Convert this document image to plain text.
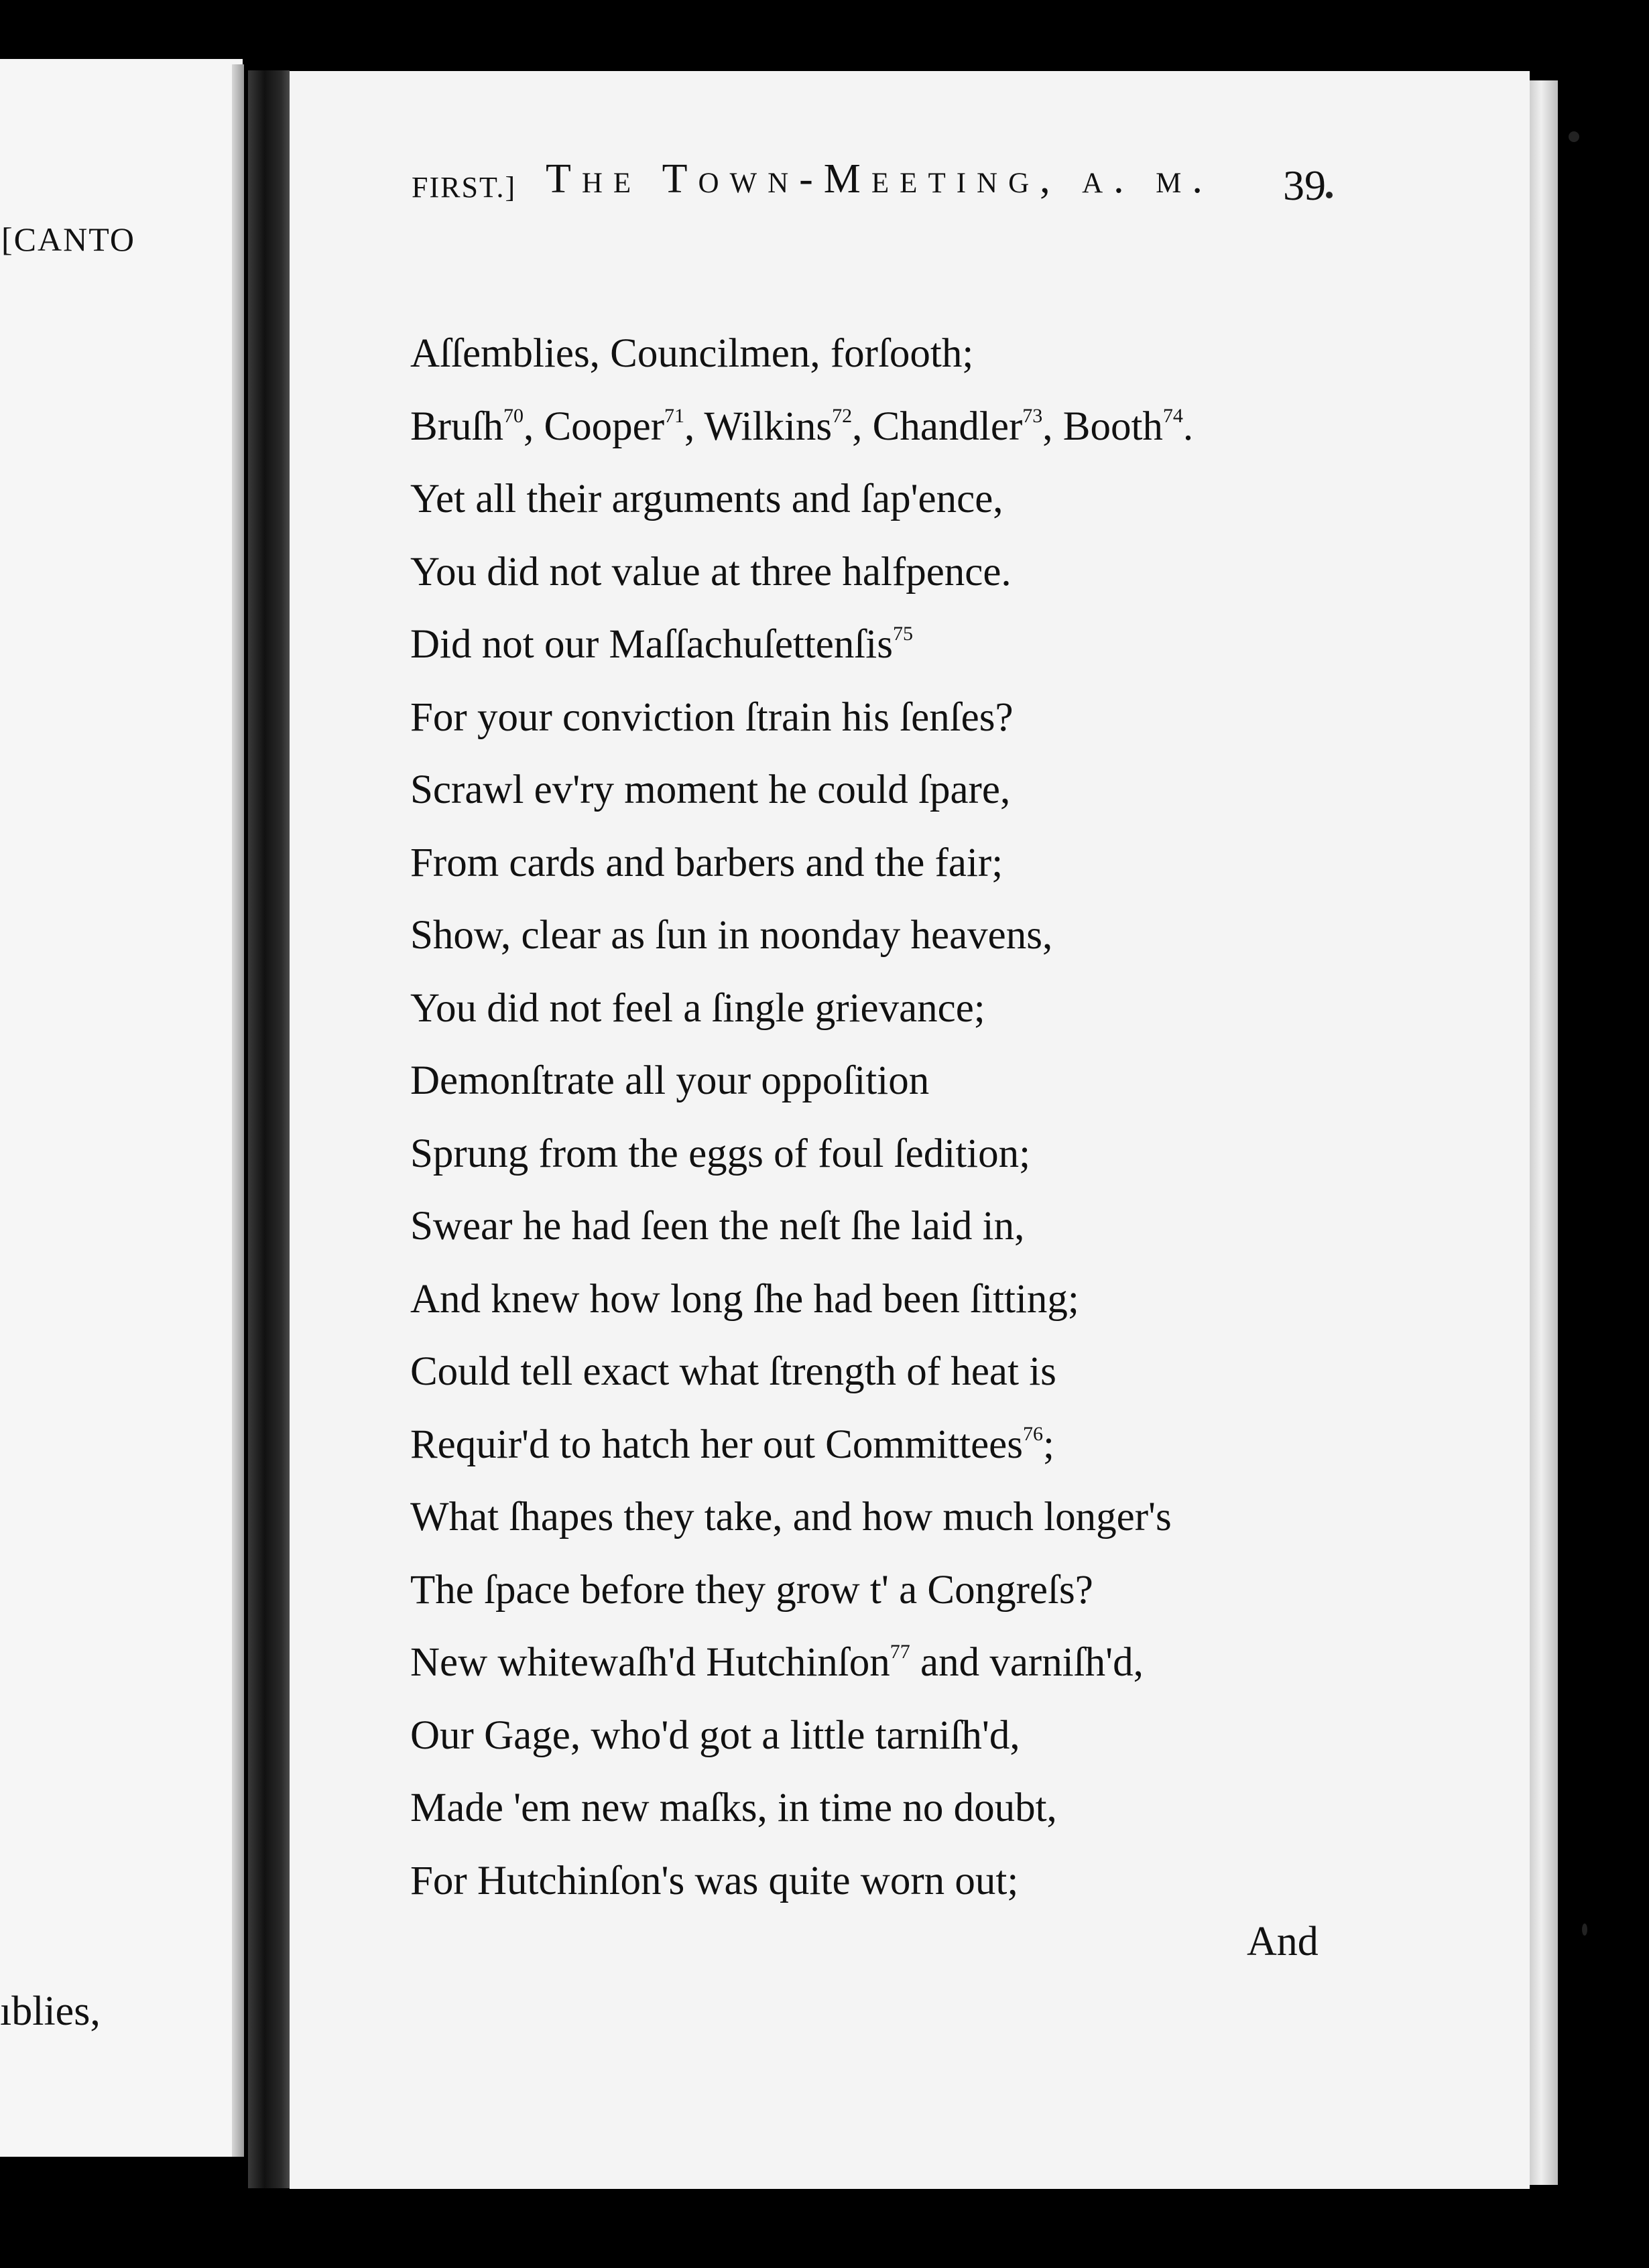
[CANTO
ıblies,
FIRST.] The Town-Meeting, a. m. 39
Aſſemblies, Councilmen, forſooth;
Bruſh$^{70}$, Cooper$^{71}$, Wilkins$^{72}$, Chandler$^{73}$, Booth$^{74}$.
Yet all their arguments and ſap'ence,
You did not value at three halfpence.
Did not our Maſſachuſettenſis$^{75}$
For your conviction ſtrain his ſenſes?
Scrawl ev'ry moment he could ſpare,
From cards and barbers and the fair;
Show, clear as ſun in noonday heavens,
You did not feel a ſingle grievance;
Demonſtrate all your oppoſition
Sprung from the eggs of foul ſedition;
Swear he had ſeen the neſt ſhe laid in,
And knew how long ſhe had been ſitting;
Could tell exact what ſtrength of heat is
Requir'd to hatch her out Committees$^{76}$;
What ſhapes they take, and how much longer's
The ſpace before they grow t' a Congreſs?
New whitewaſh'd Hutchinſon$^{77}$ and varniſh'd,
Our Gage, who'd got a little tarniſh'd,
Made 'em new maſks, in time no doubt,
For Hutchinſon's was quite worn out;
And
